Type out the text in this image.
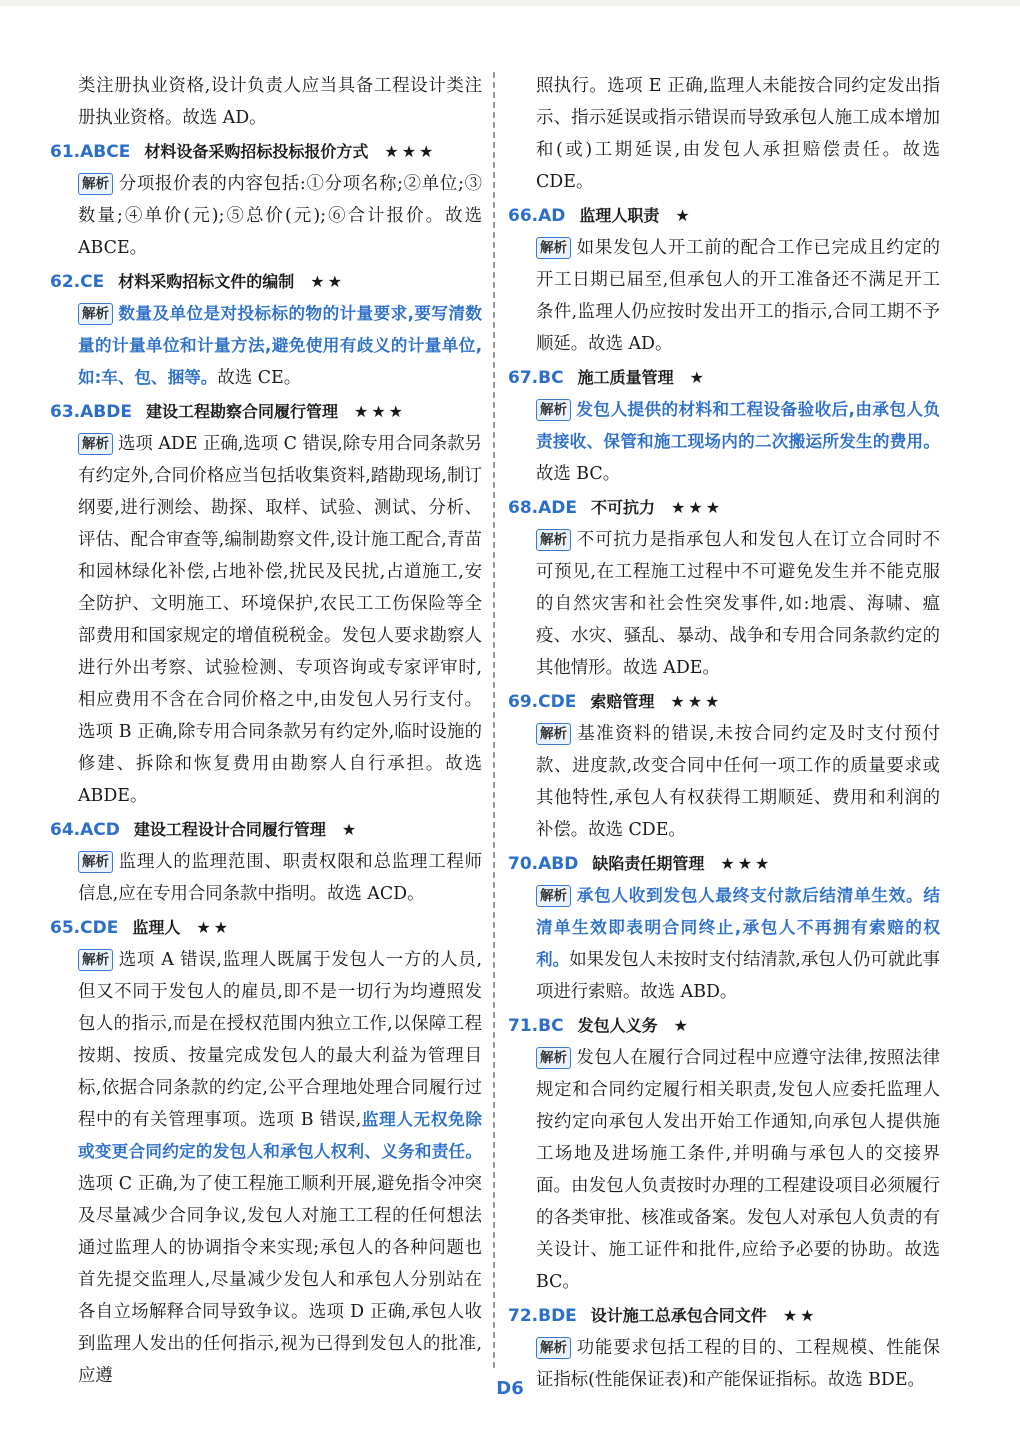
类注册执业资格,设计负责人应当具备工程设计类注册执业资格。故选 AD。

61.ABCE 材料设备采购招标投标报价方式 ★★★
解析 分项报价表的内容包括:①分项名称;②单位;③数量;④单价(元);⑤总价(元);⑥合计报价。故选 ABCE。
62.CE 材料采购招标文件的编制 ★★
解析 数量及单位是对投标标的物的计量要求,要写清数量的计量单位和计量方法,避免使用有歧义的计量单位,如:车、包、捆等。故选 CE。
63.ABDE 建设工程勘察合同履行管理 ★★★
解析 选项 ADE 正确,选项 C 错误,除专用合同条款另有约定外,合同价格应当包括收集资料,踏勘现场,制订纲要,进行测绘、勘探、取样、试验、测试、分析、评估、配合审查等,编制勘察文件,设计施工配合,青苗和园林绿化补偿,占地补偿,扰民及民扰,占道施工,安全防护、文明施工、环境保护,农民工工伤保险等全部费用和国家规定的增值税税金。发包人要求勘察人进行外出考察、试验检测、专项咨询或专家评审时,相应费用不含在合同价格之中,由发包人另行支付。选项 B 正确,除专用合同条款另有约定外,临时设施的修建、拆除和恢复费用由勘察人自行承担。故选 ABDE。
64.ACD 建设工程设计合同履行管理 ★
解析 监理人的监理范围、职责权限和总监理工程师信息,应在专用合同条款中指明。故选 ACD。
65.CDE 监理人 ★★
解析 选项 A 错误,监理人既属于发包人一方的人员,但又不同于发包人的雇员,即不是一切行为均遵照发包人的指示,而是在授权范围内独立工作,以保障工程按期、按质、按量完成发包人的最大利益为管理目标,依据合同条款的约定,公平合理地处理合同履行过程中的有关管理事项。选项 B 错误,监理人无权免除或变更合同约定的发包人和承包人权利、义务和责任。选项 C 正确,为了使工程施工顺利开展,避免指令冲突及尽量减少合同争议,发包人对施工工程的任何想法通过监理人的协调指令来实现;承包人的各种问题也首先提交监理人,尽量减少发包人和承包人分别站在各自立场解释合同导致争议。选项 D 正确,承包人收到监理人发出的任何指示,视为已得到发包人的批准,应遵

照执行。选项 E 正确,监理人未能按合同约定发出指示、指示延误或指示错误而导致承包人施工成本增加和(或)工期延误,由发包人承担赔偿责任。故选 CDE。

66.AD 监理人职责 ★
解析 如果发包人开工前的配合工作已完成且约定的开工日期已届至,但承包人的开工准备还不满足开工条件,监理人仍应按时发出开工的指示,合同工期不予顺延。故选 AD。
67.BC 施工质量管理 ★
解析 发包人提供的材料和工程设备验收后,由承包人负责接收、保管和施工现场内的二次搬运所发生的费用。故选 BC。
68.ADE 不可抗力 ★★★
解析 不可抗力是指承包人和发包人在订立合同时不可预见,在工程施工过程中不可避免发生并不能克服的自然灾害和社会性突发事件,如:地震、海啸、瘟疫、水灾、骚乱、暴动、战争和专用合同条款约定的其他情形。故选 ADE。
69.CDE 索赔管理 ★★★
解析 基准资料的错误,未按合同约定及时支付预付款、进度款,改变合同中任何一项工作的质量要求或其他特性,承包人有权获得工期顺延、费用和利润的补偿。故选 CDE。
70.ABD 缺陷责任期管理 ★★★
解析 承包人收到发包人最终支付款后结清单生效。结清单生效即表明合同终止,承包人不再拥有索赔的权利。如果发包人未按时支付结清款,承包人仍可就此事项进行索赔。故选 ABD。
71.BC 发包人义务 ★
解析 发包人在履行合同过程中应遵守法律,按照法律规定和合同约定履行相关职责,发包人应委托监理人按约定向承包人发出开始工作通知,向承包人提供施工场地及进场施工条件,并明确与承包人的交接界面。由发包人负责按时办理的工程建设项目必须履行的各类审批、核准或备案。发包人对承包人负责的有关设计、施工证件和批件,应给予必要的协助。故选 BC。
72.BDE 设计施工总承包合同文件 ★★
解析 功能要求包括工程的目的、工程规模、性能保证指标(性能保证表)和产能保证指标。故选 BDE。
D6
